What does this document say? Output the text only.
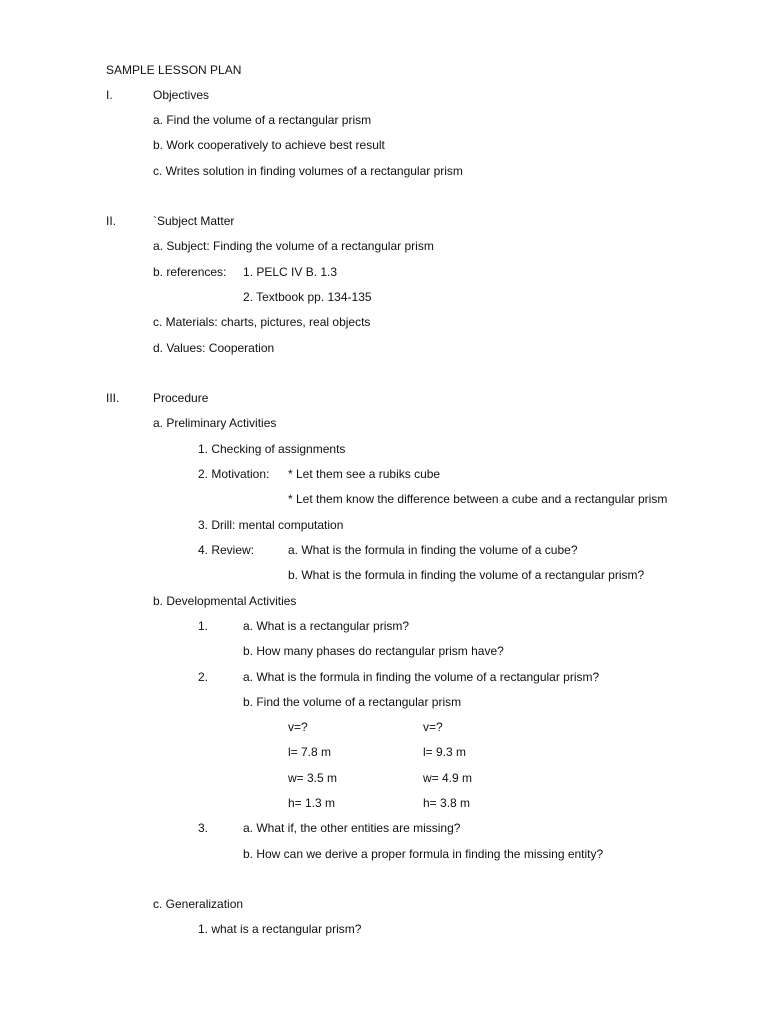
SAMPLE LESSON PLAN
I.	Objectives
a. Find the volume of a rectangular prism
b. Work cooperatively to achieve best result
c. Writes solution in finding volumes of a rectangular prism
II.	`Subject Matter
a. Subject: Finding the volume of a rectangular prism
b. references: 1. PELC IV B. 1.3
2. Textbook pp. 134-135
c. Materials: charts, pictures, real objects
d. Values: Cooperation
III.	Procedure
a. Preliminary Activities
1. Checking of assignments
2. Motivation: * Let them see a rubiks cube
* Let them know the difference between a cube and a rectangular prism
3. Drill: mental computation
4. Review:	a. What is the formula in finding the volume of a cube?
b. What is the formula in finding the volume of a rectangular prism?
b. Developmental Activities
1.	a. What is a rectangular prism?
b. How many phases do rectangular prism have?
2.	a. What is the formula in finding the volume of a rectangular prism?
b. Find the volume of a rectangular prism
v=?	v=?
l= 7.8 m	l= 9.3 m
w= 3.5 m	w= 4.9 m
h= 1.3 m	h= 3.8 m
3.	a. What if, the other entities are missing?
b. How can we derive a proper formula in finding the missing entity?
c. Generalization
1. what is a rectangular prism?
